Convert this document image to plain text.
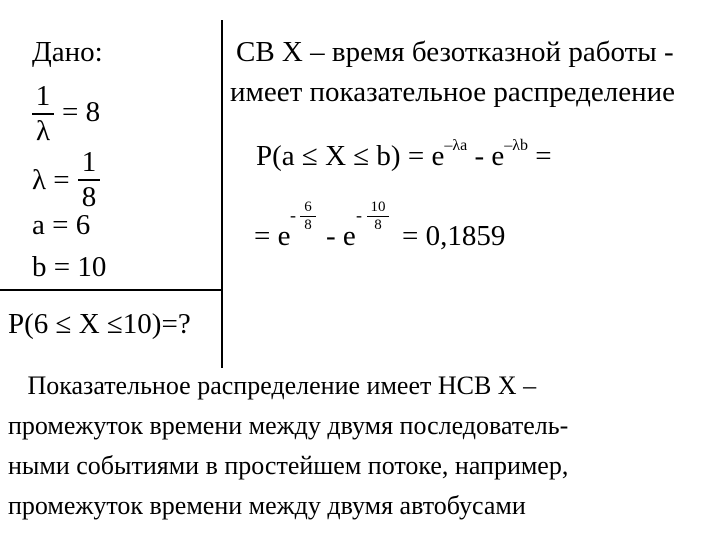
Дано:
1
λ
= 8
λ =
1
8
a = 6
b = 10
P(6 ≤ X ≤10)=?
СВ X – время безотказной работы -
имеет показательное распределение
$P(a \le X \le b) = e^{-\lambda a} - e^{-\lambda b}$ =
= e
- 6
8 - e
- 10
8 = 0,1859
Показательное распределение имеет НСВ X –
промежуток времени между двумя последователь-
ными событиями в простейшем потоке, например,
промежуток времени между двумя автобусами
